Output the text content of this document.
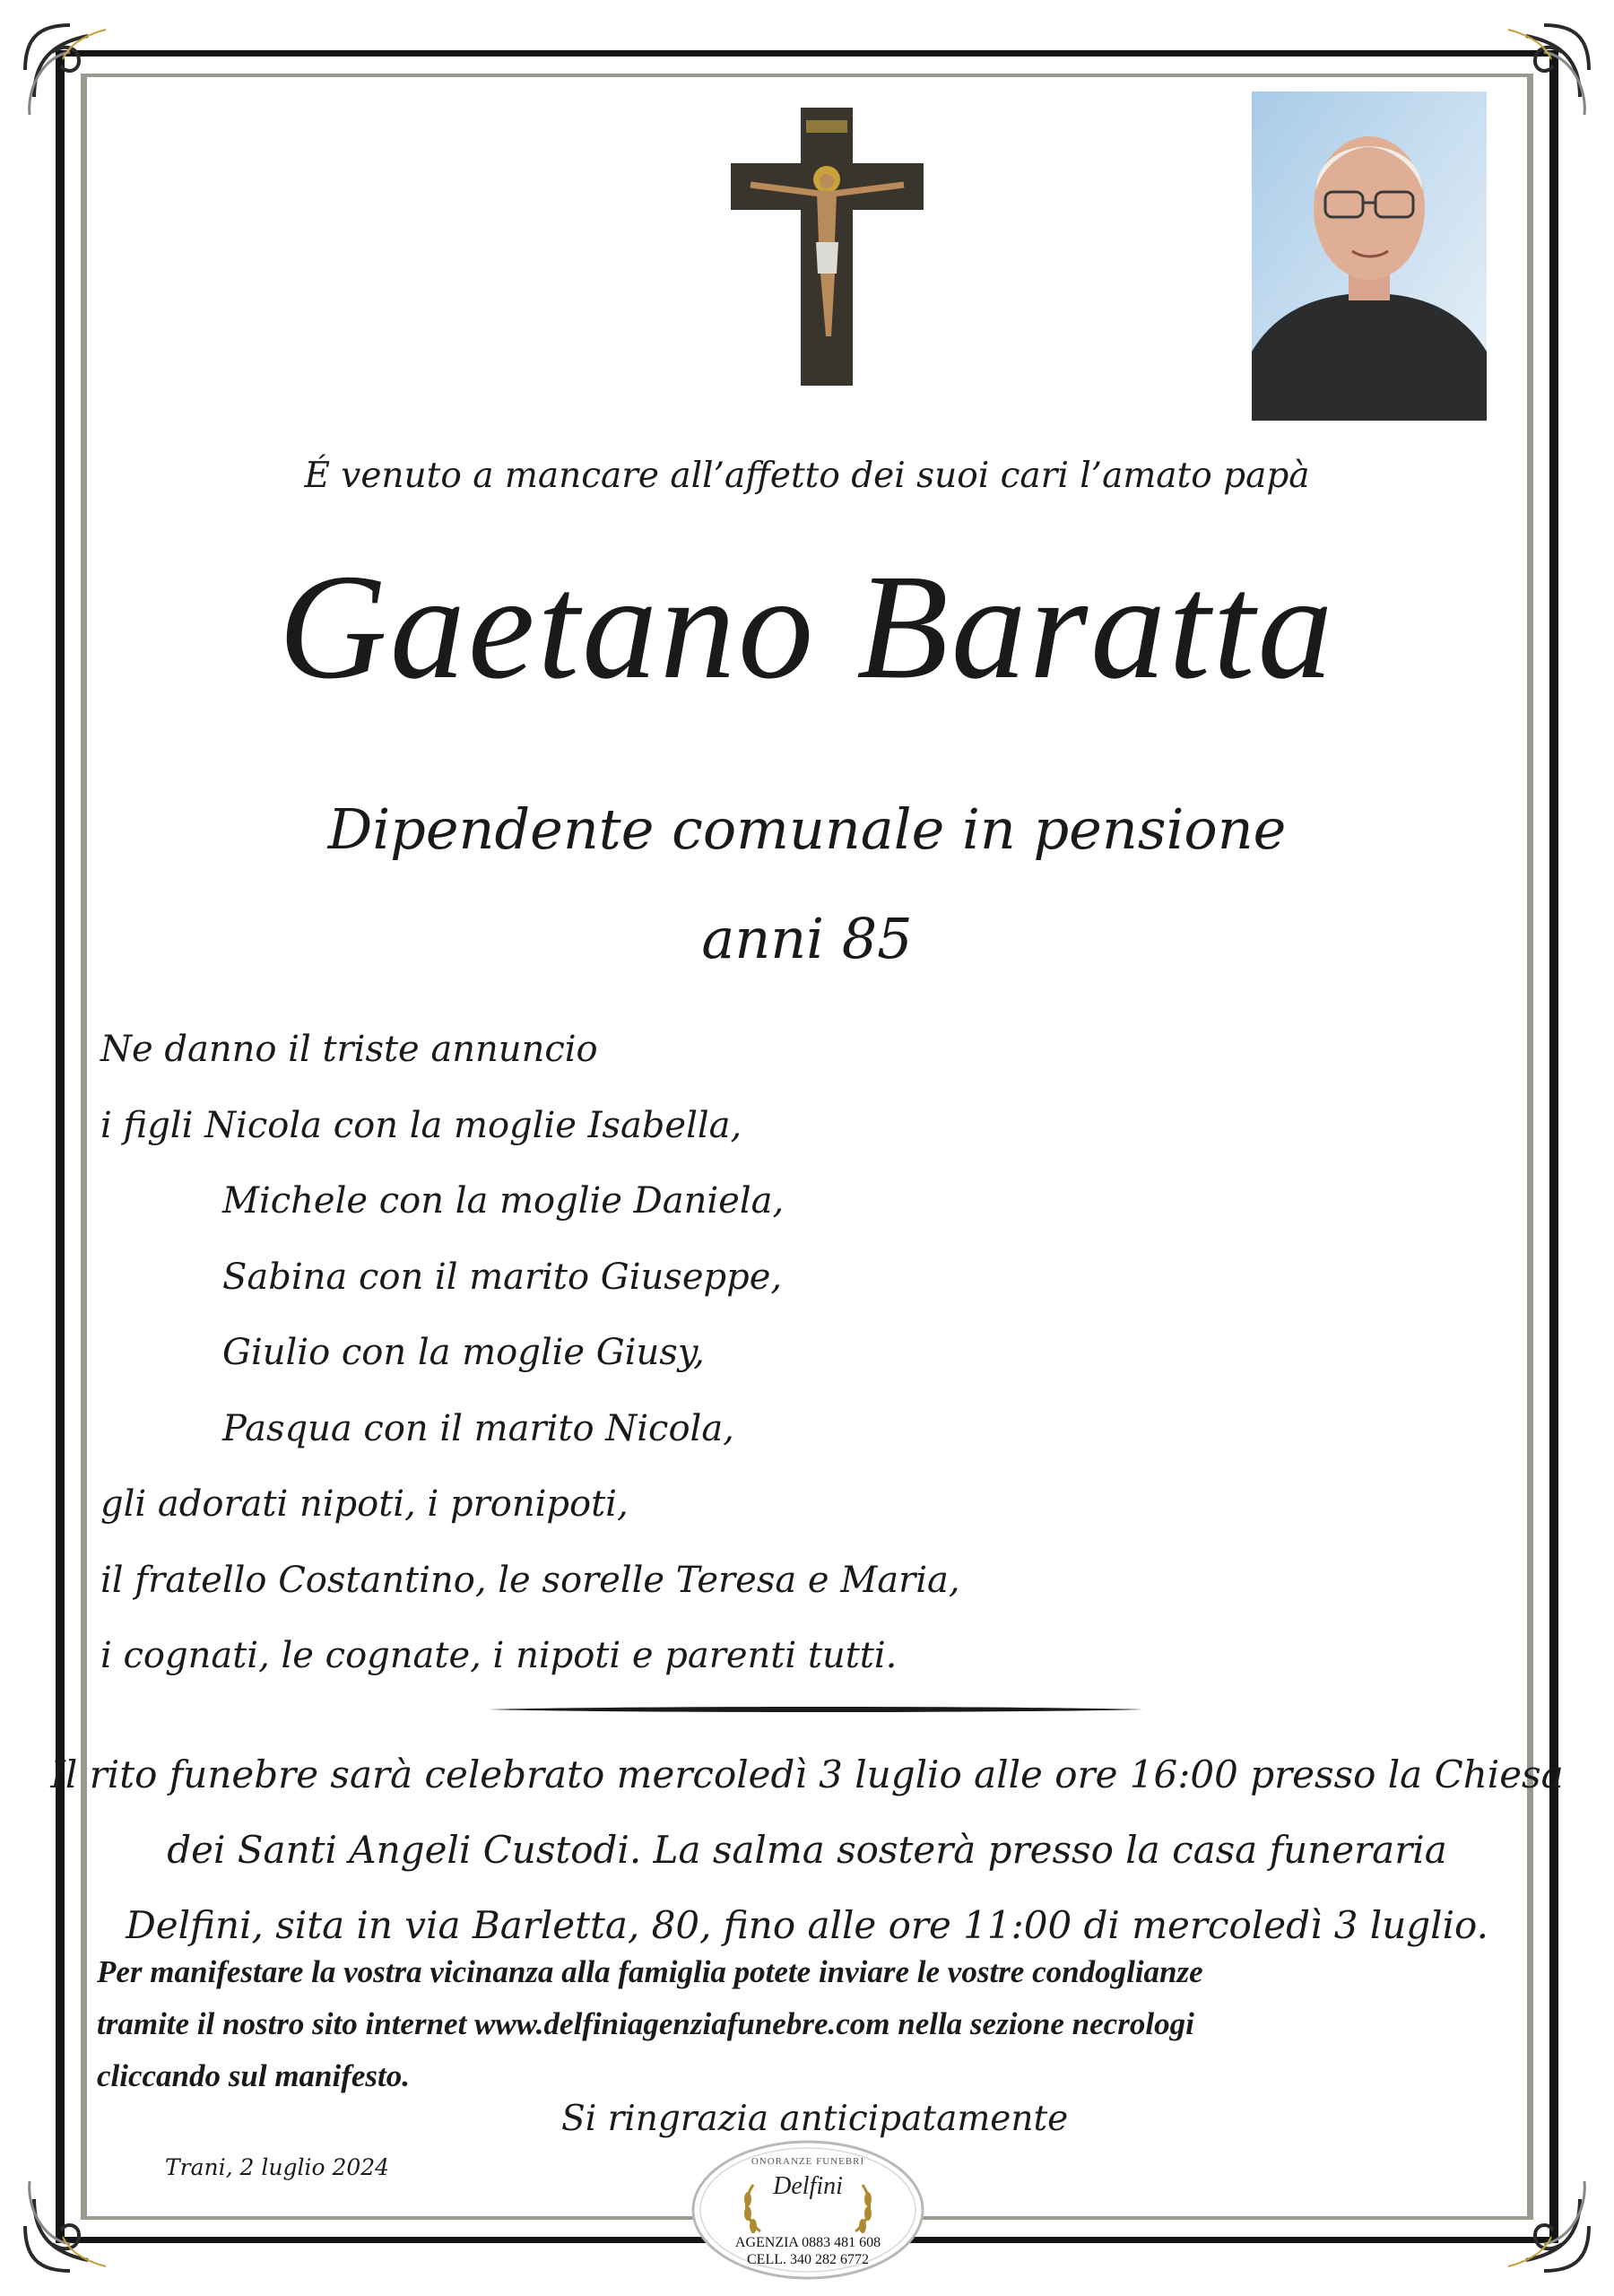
É venuto a mancare all’affetto dei suoi cari l’amato papà
Gaetano Baratta
Dipendente comunale in pensione
anni 85
Ne danno il triste annuncio
i figli Nicola con la moglie Isabella,
Michele con la moglie Daniela,
Sabina con il marito Giuseppe,
Giulio con la moglie Giusy,
Pasqua con il marito Nicola,
gli adorati nipoti, i pronipoti,
il fratello Costantino, le sorelle Teresa e Maria,
i cognati, le cognate, i nipoti e parenti tutti.
Il rito funebre sarà celebrato mercoledì 3 luglio alle ore 16:00 presso la Chiesa
dei Santi Angeli Custodi. La salma sosterà presso la casa funeraria
Delfini, sita in via Barletta, 80, fino alle ore 11:00 di mercoledì 3 luglio.
Per manifestare la vostra vicinanza alla famiglia potete inviare le vostre condoglianze
tramite il nostro sito internet www.delfiniagenziafunebre.com nella sezione necrologi
cliccando sul manifesto.
Si ringrazia anticipatamente
Trani, 2 luglio 2024	ONORANZE FUNEBRI
Delfini
AGENZIA 0883 481 608
CELL. 340 282 6772
